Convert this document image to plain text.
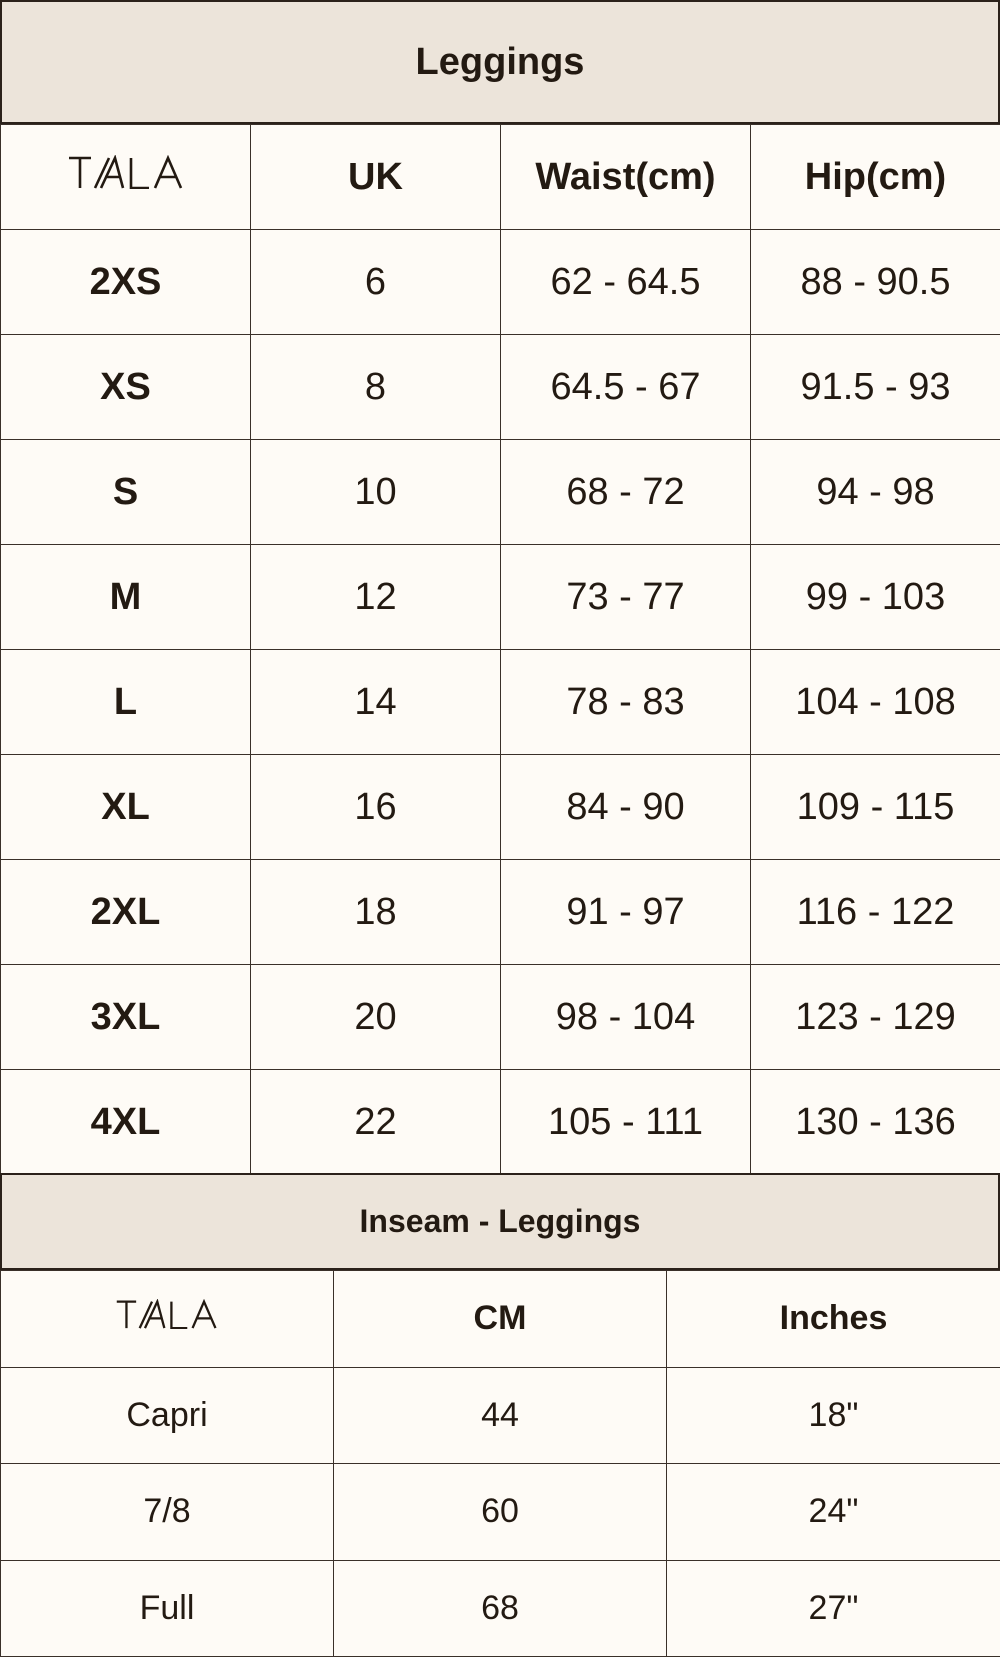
Leggings
	UK	Waist(cm)	Hip(cm)
2XS	6	62 - 64.5	88 - 90.5
XS	8	64.5 - 67	91.5 - 93
S	10	68 - 72	94 - 98
M	12	73 - 77	99 - 103
L	14	78 - 83	104 - 108
XL	16	84 - 90	109 - 115
2XL	18	91 - 97	116 - 122
3XL	20	98 - 104	123 - 129
4XL	22	105 - 111	130 - 136
Inseam - Leggings
	CM	Inches
Capri	44	18"
7/8	60	24"
Full	68	27"
